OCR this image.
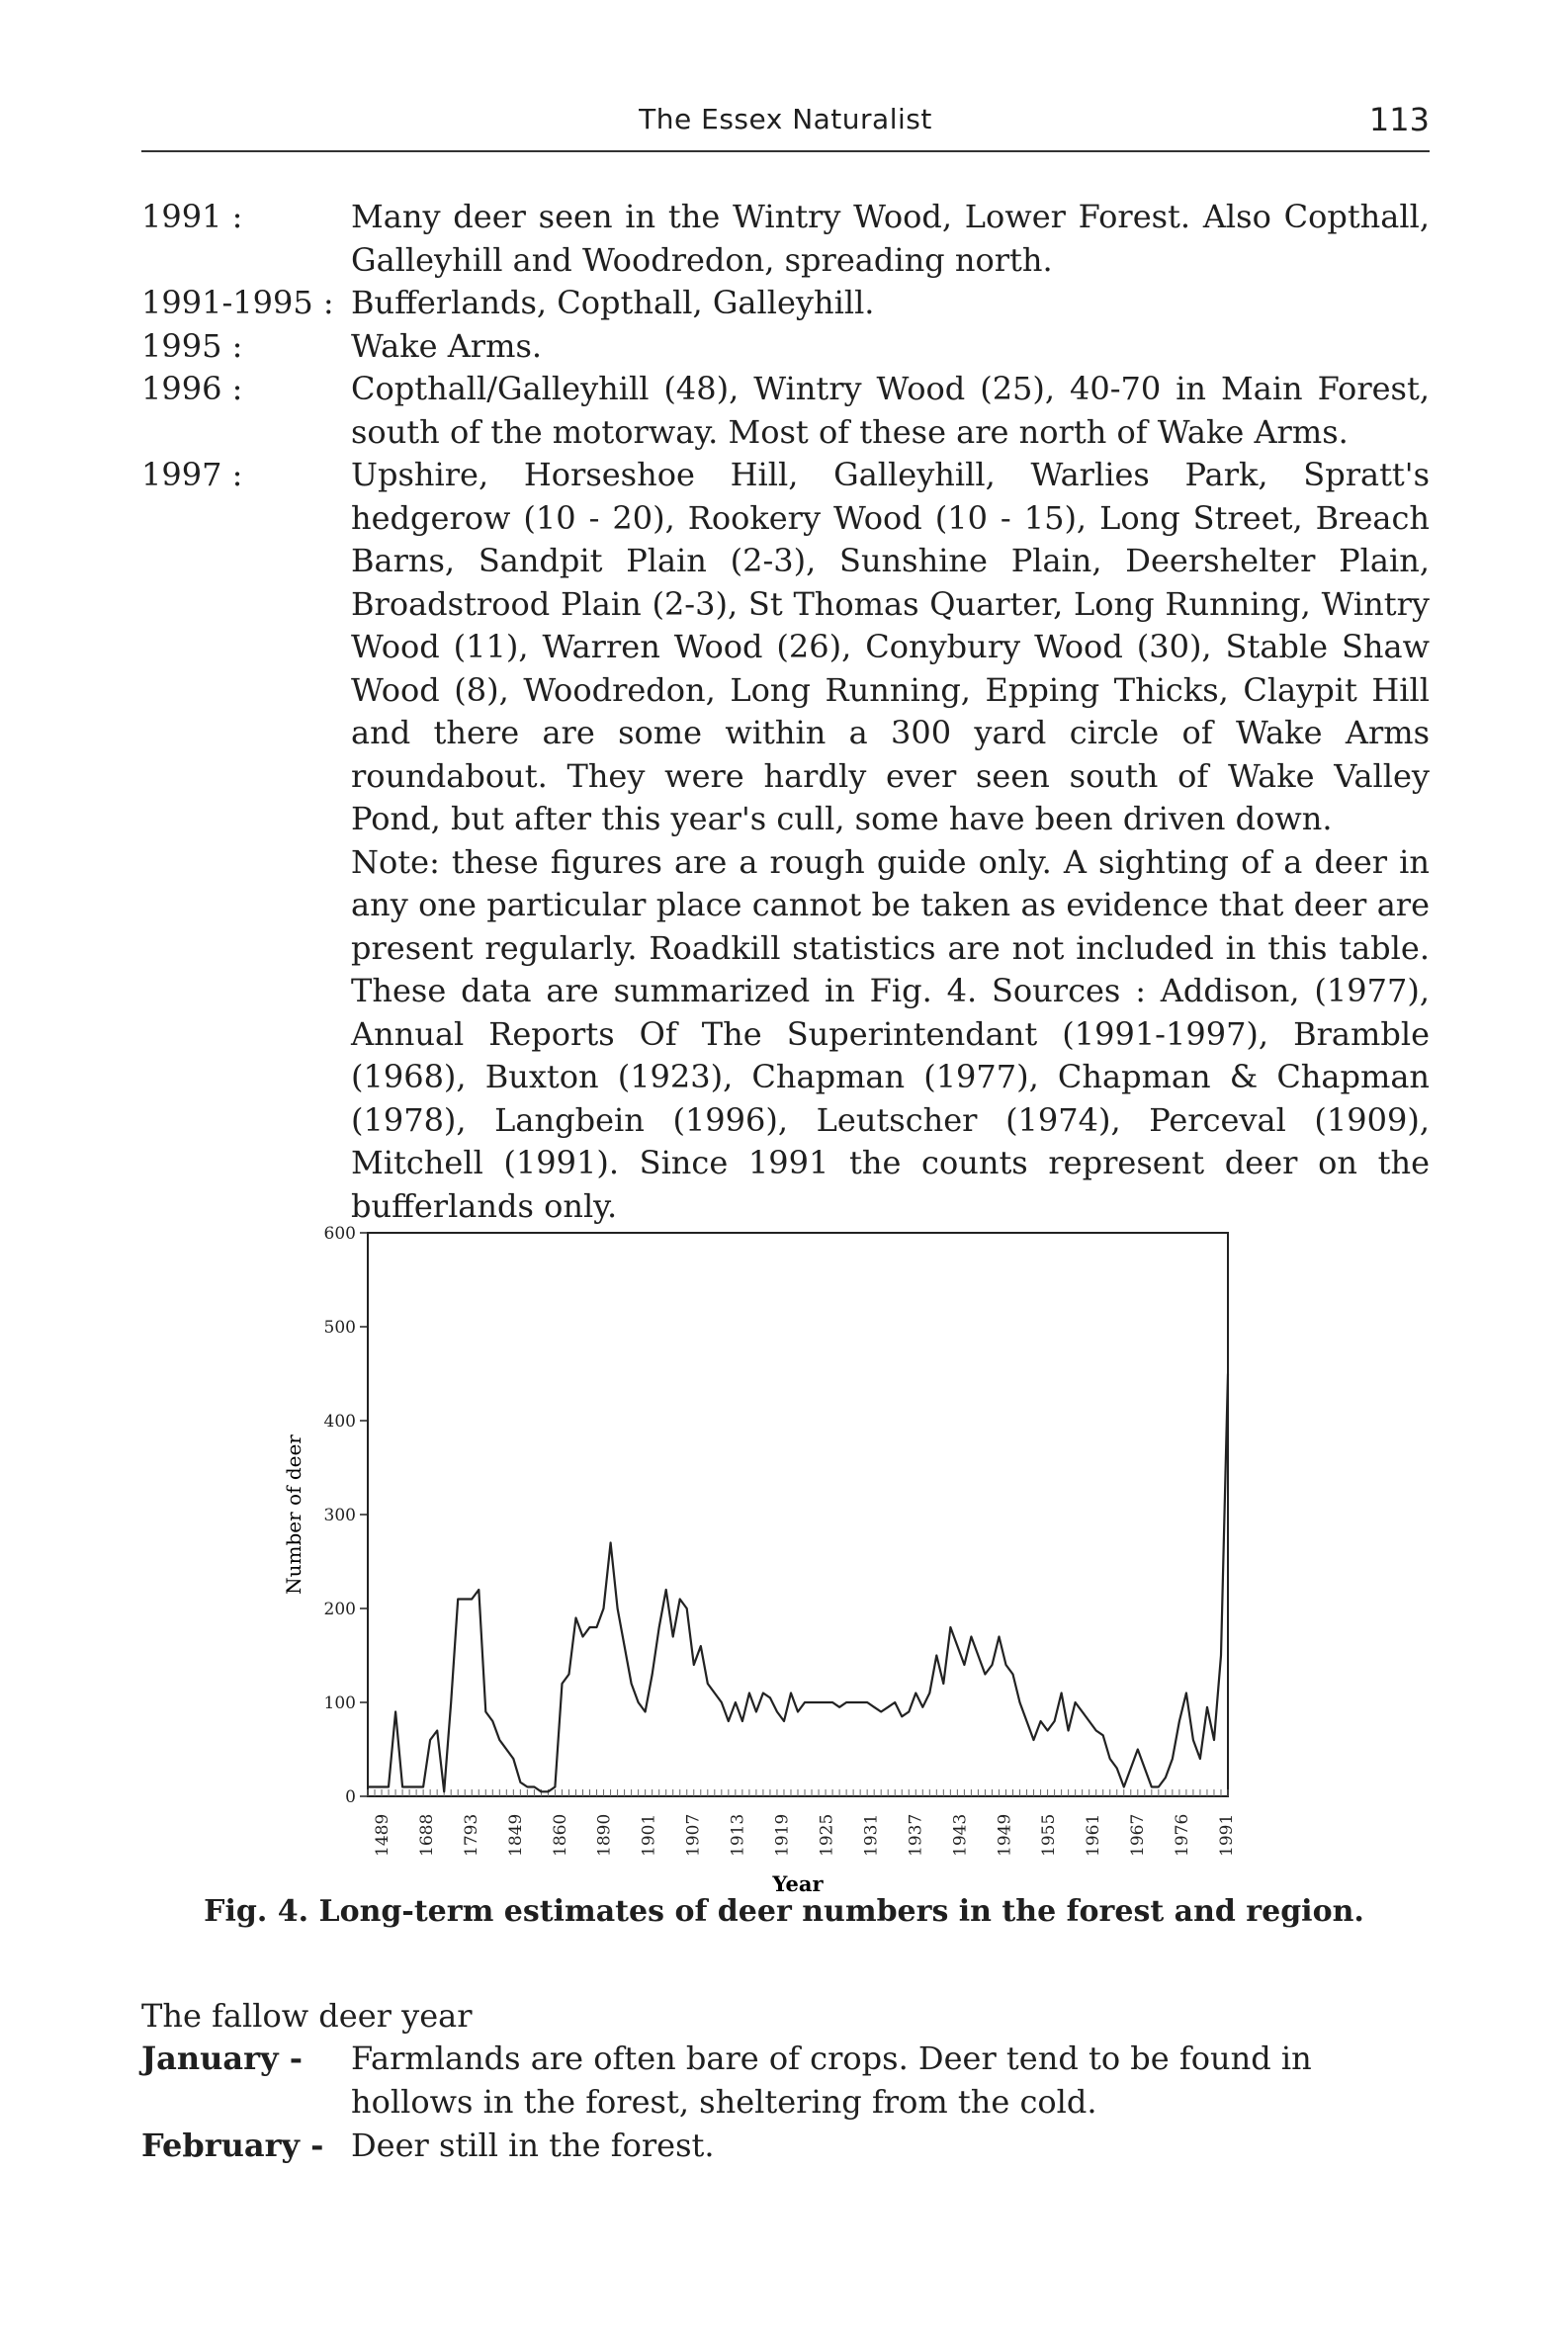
The Essex Naturalist	113
1991 :	Many deer seen in the Wintry Wood, Lower Forest. Also Copthall, Galleyhill and Woodredon, spreading north.
1991-1995 : Bufferlands, Copthall, Galleyhill.
1995 :	Wake Arms.
1996 :	Copthall/Galleyhill (48), Wintry Wood (25), 40-70 in Main Forest, south of the motorway. Most of these are north of Wake Arms.
1997 :	Upshire, Horseshoe Hill, Galleyhill, Warlies Park, Spratt's hedgerow (10 - 20), Rookery Wood (10 - 15), Long Street, Breach Barns, Sandpit Plain (2-3), Sunshine Plain, Deershelter Plain, Broadstrood Plain (2-3), St Thomas Quarter, Long Running, Wintry Wood (11), Warren Wood (26), Conybury Wood (30), Stable Shaw Wood (8), Woodredon, Long Running, Epping Thicks, Claypit Hill and there are some within a 300 yard circle of Wake Arms roundabout. They were hardly ever seen south of Wake Valley Pond, but after this year's cull, some have been driven down.
Note: these figures are a rough guide only. A sighting of a deer in any one particular place cannot be taken as evidence that deer are present regularly. Roadkill statistics are not included in this table. These data are summarized in Fig. 4. Sources : Addison, (1977), Annual Reports Of The Superintendant (1991-1997), Bramble (1968), Buxton (1923), Chapman (1977), Chapman & Chapman (1978), Langbein (1996), Leutscher (1974), Perceval (1909), Mitchell (1991). Since 1991 the counts represent deer on the bufferlands only.
0
100
200
300
400
500
600
1489 1688 1793 1849 1860 1890 1901 1907 1913 1919 1925 1931 1937 1943 1949 1955 1961 1967 1976 1991
Number of deer
Year
Fig. 4. Long-term estimates of deer numbers in the forest and region.
The fallow deer year
January -	Farmlands are often bare of crops. Deer tend to be found in hollows in the forest, sheltering from the cold.
February - Deer still in the forest.
